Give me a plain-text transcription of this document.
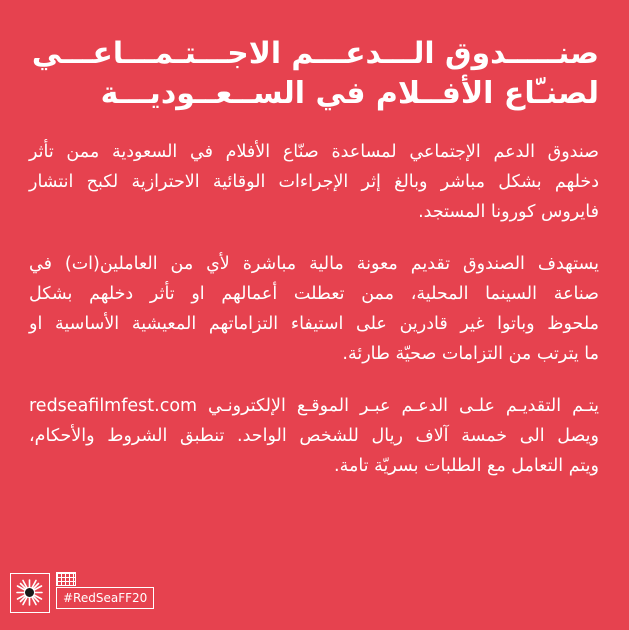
صنـــــدوق الـــدعـــم الاجـــتـمـــاعـــي
لصنـّاع الأفــلام في الســعــوديـــة
صندوق الدعم الإجتماعي لمساعدة صنّاع الأفلام في السعودية ممن تأثر
دخلهم بشكل مباشر وبالغ إثر الإجراءات الوقائية الاحترازية لكبح انتشار
فايروس كورونا المستجد.
يستهدف الصندوق تقديم معونة مالية مباشرة لأي من العاملين(ات) في
صناعة السينما المحلية، ممن تعطلت أعمالهم او تأثر دخلهم بشكل
ملحوظ وباتوا غير قادرين على استيفاء التزاماتهم المعيشية الأساسية او
ما يترتب من التزامات صحيّة طارئة.
يتـم التقديـم علـى الدعـم عبـر الموقـع الإلكترونـي redseafilmfest.com
ويصل الى خمسة آلاف ريال للشخص الواحد. تنطبق الشروط والأحكام،
ويتم التعامل مع الطلبات بسريّة تامة.
#RedSeaFF20
